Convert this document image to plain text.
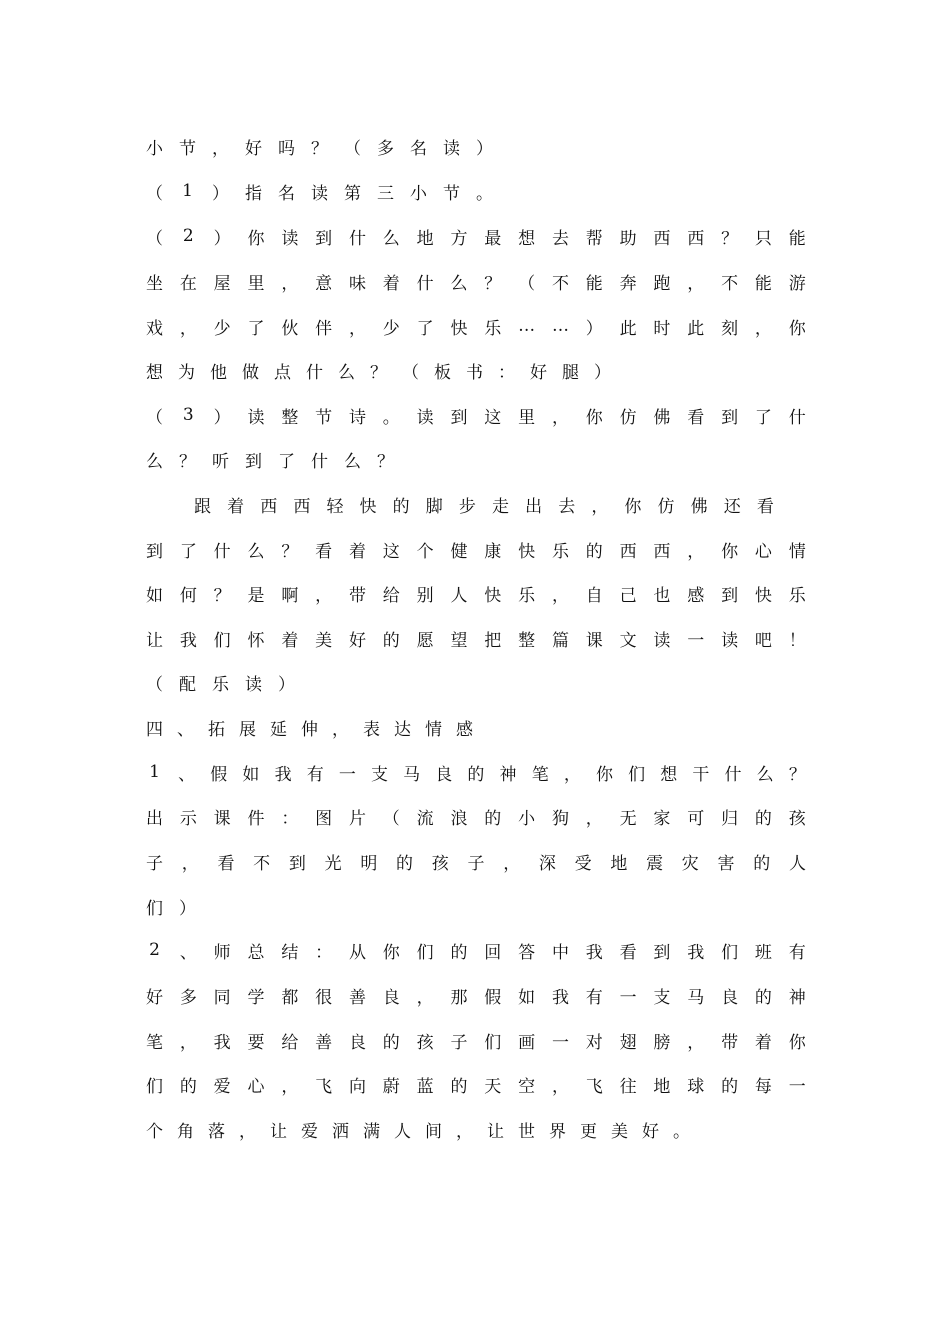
小 节 ， 好 吗 ？ （ 多 名 读 ）
（ 1 ） 指 名 读 第 三 小 节 。
（ 2 ） 你 读 到 什 么 地 方 最 想 去 帮 助 西 西 ？ 只 能
坐 在 屋 里 ， 意 味 着 什 么 ？ （ 不 能 奔 跑 ， 不 能 游
戏 ， 少 了 伙 伴 ， 少 了 快 乐 … … ） 此 时 此 刻 ， 你
想 为 他 做 点 什 么 ？ （ 板 书 ： 好 腿 ）
（ 3 ） 读 整 节 诗 。 读 到 这 里 ， 你 仿 佛 看 到 了 什
么 ？ 听 到 了 什 么 ？
跟 着 西 西 轻 快 的 脚 步 走 出 去 ， 你 仿 佛 还 看
到 了 什 么 ？ 看 着 这 个 健 康 快 乐 的 西 西 ， 你 心 情
如 何 ？ 是 啊 ， 带 给 别 人 快 乐 ， 自 己 也 感 到 快 乐
让 我 们 怀 着 美 好 的 愿 望 把 整 篇 课 文 读 一 读 吧 ！
（ 配 乐 读 ）
四 、 拓 展 延 伸 ， 表 达 情 感
1 、 假 如 我 有 一 支 马 良 的 神 笔 ， 你 们 想 干 什 么 ？
出 示 课 件 ： 图 片 （ 流 浪 的 小 狗 ， 无 家 可 归 的 孩
子 ， 看 不 到 光 明 的 孩 子 ， 深 受 地 震 灾 害 的 人
们 ）
2 、 师 总 结 ： 从 你 们 的 回 答 中 我 看 到 我 们 班 有
好 多 同 学 都 很 善 良 ， 那 假 如 我 有 一 支 马 良 的 神
笔 ， 我 要 给 善 良 的 孩 子 们 画 一 对 翅 膀 ， 带 着 你
们 的 爱 心 ， 飞 向 蔚 蓝 的 天 空 ， 飞 往 地 球 的 每 一
个 角 落 ， 让 爱 洒 满 人 间 ， 让 世 界 更 美 好 。
